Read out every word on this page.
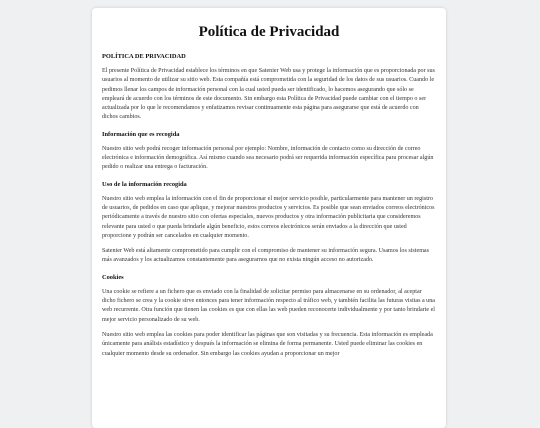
Política de Privacidad
POLÍTICA DE PRIVACIDAD

El presente Política de Privacidad establece los términos en que Satenier Web usa y protege la información que es proporcionada por sus usuarios al momento de utilizar su sitio web. Esta compañía está comprometida con la seguridad de los datos de sus usuarios. Cuando le pedimos llenar los campos de información personal con la cual usted pueda ser identificado, lo hacemos asegurando que sólo se empleará de acuerdo con los términos de este documento. Sin embargo esta Política de Privacidad puede cambiar con el tiempo o ser actualizada por lo que le recomendamos y enfatizamos revisar continuamente esta página para asegurarse que está de acuerdo con dichos cambios.

Información que es recogida

Nuestro sitio web podrá recoger información personal por ejemplo: Nombre, información de contacto como su dirección de correo electrónica e información demográfica. Así mismo cuando sea necesario podrá ser requerida información específica para procesar algún pedido o realizar una entrega o facturación.

Uso de la información recogida

Nuestro sitio web emplea la información con el fin de proporcionar el mejor servicio posible, particularmente para mantener un registro de usuarios, de pedidos en caso que aplique, y mejorar nuestros productos y servicios. Es posible que sean enviados correos electrónicos periódicamente a través de nuestro sitio con ofertas especiales, nuevos productos y otra información publicitaria que consideremos relevante para usted o que pueda brindarle algún beneficio, estos correos electrónicos serán enviados a la dirección que usted proporcione y podrán ser cancelados en cualquier momento.

Satenier Web está altamente comprometido para cumplir con el compromiso de mantener su información segura. Usamos los sistemas más avanzados y los actualizamos constantemente para asegurarnos que no exista ningún acceso no autorizado.

Cookies

Una cookie se refiere a un fichero que es enviado con la finalidad de solicitar permiso para almacenarse en su ordenador, al aceptar dicho fichero se crea y la cookie sirve entonces para tener información respecto al tráfico web, y también facilita las futuras visitas a una web recurrente. Otra función que tienen las cookies es que con ellas las web pueden reconocerte individualmente y por tanto brindarte el mejor servicio personalizado de su web.

Nuestro sitio web emplea las cookies para poder identificar las páginas que son visitadas y su frecuencia. Esta información es empleada únicamente para análisis estadístico y después la información se elimina de forma permanente. Usted puede eliminar las cookies en cualquier momento desde su ordenador. Sin embargo las cookies ayudan a proporcionar un mejor
